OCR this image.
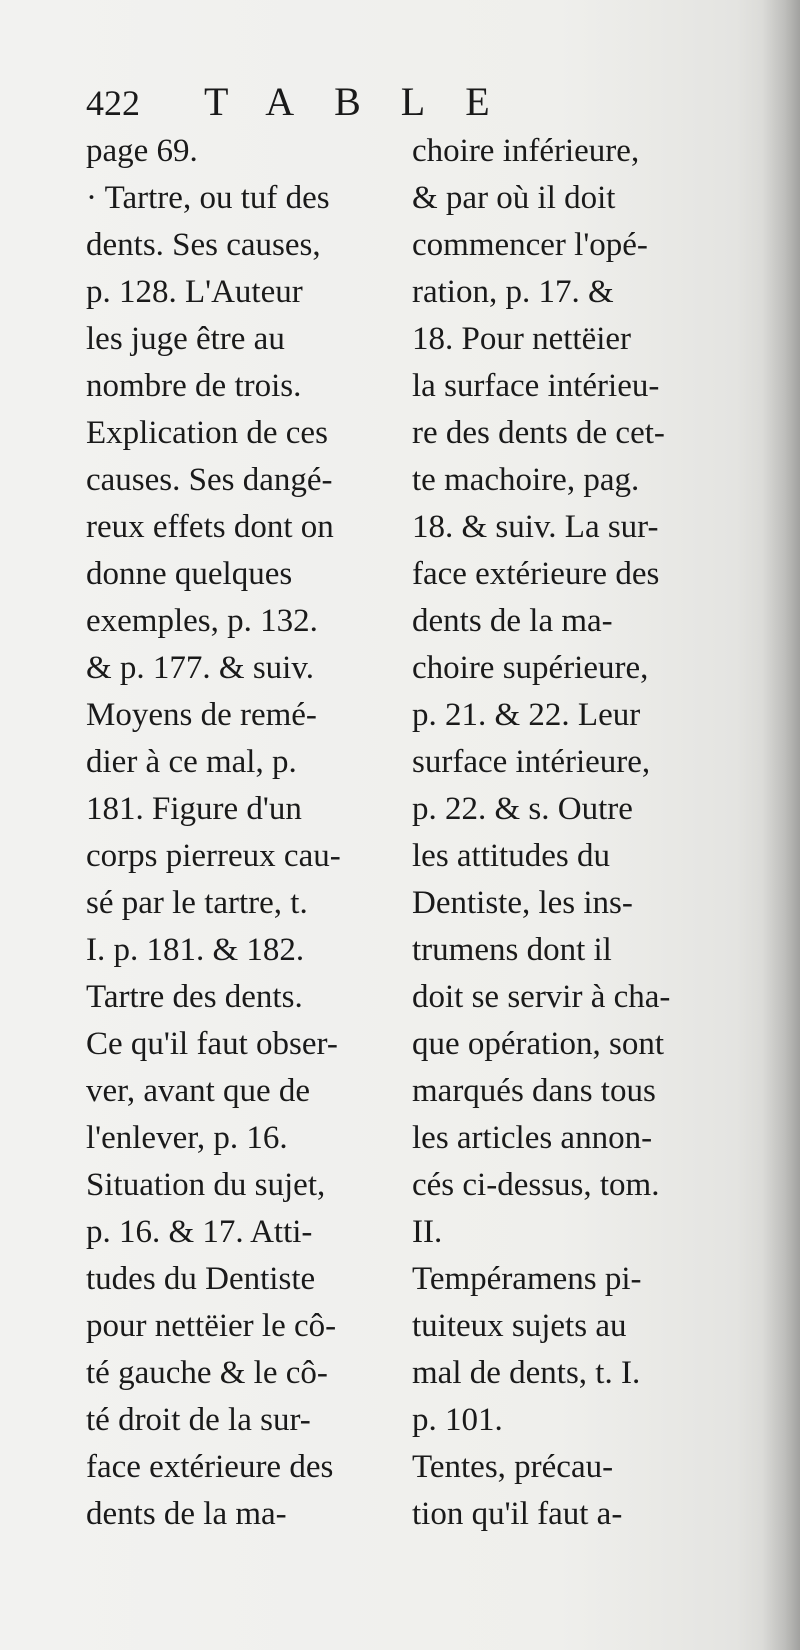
422	TABLE
page 69.
· Tartre, ou tuf des
dents. Ses causes,
p. 128. L'Auteur
les juge être au
nombre de trois.
Explication de ces
causes. Ses dangé-
reux effets dont on
donne quelques
exemples, p. 132.
& p. 177. & suiv.
Moyens de remé-
dier à ce mal, p.
181. Figure d'un
corps pierreux cau-
sé par le tartre, t.
I. p. 181. & 182.
Tartre des dents.
Ce qu'il faut obser-
ver, avant que de
l'enlever, p. 16.
Situation du sujet,
p. 16. & 17. Atti-
tudes du Dentiste
pour nettëier le cô-
té gauche & le cô-
té droit de la sur-
face extérieure des
dents de la ma-
choire inférieure,
& par où il doit
commencer l'opé-
ration, p. 17. &
18. Pour nettëier
la surface intérieu-
re des dents de cet-
te machoire, pag.
18. & suiv. La sur-
face extérieure des
dents de la ma-
choire supérieure,
p. 21. & 22. Leur
surface intérieure,
p. 22. & s. Outre
les attitudes du
Dentiste, les ins-
trumens dont il
doit se servir à cha-
que opération, sont
marqués dans tous
les articles annon-
cés ci-dessus, tom.
II.
Tempéramens pi-
tuiteux sujets au
mal de dents, t. I.
p. 101.
Tentes, précau-
tion qu'il faut a-
